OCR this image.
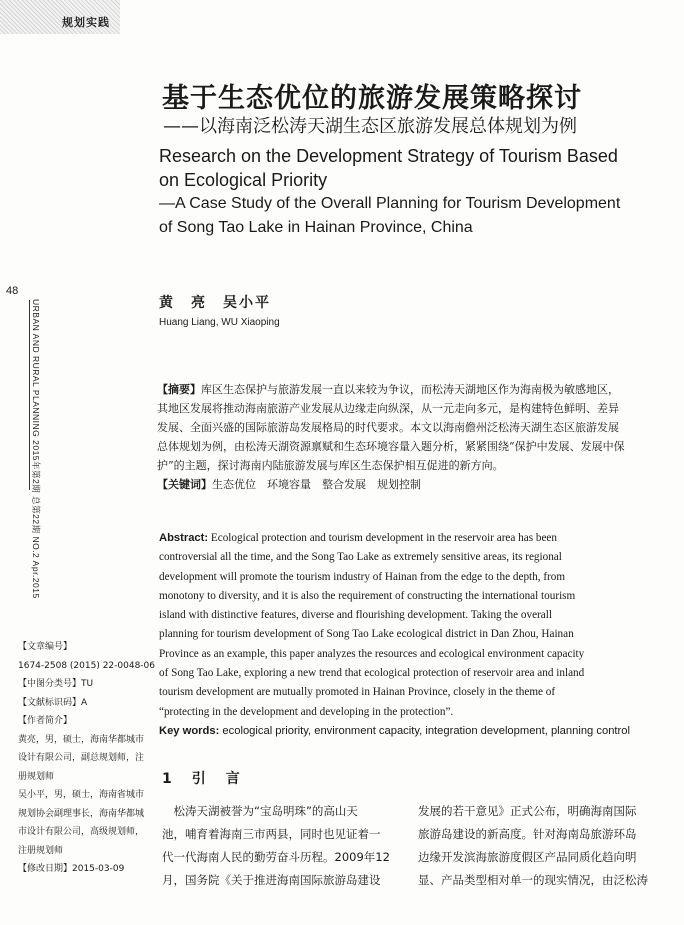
规划实践
基于生态优位的旅游发展策略探讨
——以海南泛松涛天湖生态区旅游发展总体规划为例
Research on the Development Strategy of Tourism Based
on Ecological Priority
—A Case Study of the Overall Planning for Tourism Development
of Song Tao Lake in Hainan Province, China
48
URBAN AND RURAL PLANNING 2015年第2期 总第22期 NO.2 Apr.2015	黄　亮　吴小平
Huang Liang, WU Xiaoping
【摘要】库区生态保护与旅游发展一直以来较为争议，而松涛天湖地区作为海南极为敏感地区，
其地区发展将推动海南旅游产业发展从边缘走向纵深，从一元走向多元，是构建特色鲜明、差异
发展、全面兴盛的国际旅游岛发展格局的时代要求。本文以海南儋州泛松涛天湖生态区旅游发展
总体规划为例，由松涛天湖资源禀赋和生态环境容量入题分析，紧紧围绕“保护中发展、发展中保
护”的主题，探讨海南内陆旅游发展与库区生态保护相互促进的新方向。
【关键词】生态优位　环境容量　整合发展　规划控制
Abstract: Ecological protection and tourism development in the reservoir area has been
controversial all the time, and the Song Tao Lake as extremely sensitive areas, its regional
development will promote the tourism industry of Hainan from the edge to the depth, from
monotony to diversity, and it is also the requirement of constructing the international tourism
island with distinctive features, diverse and flourishing development. Taking the overall
planning for tourism development of Song Tao Lake ecological district in Dan Zhou, Hainan
Province as an example, this paper analyzes the resources and ecological environment capacity
of Song Tao Lake, exploring a new trend that ecological protection of reservoir area and inland
tourism development are mutually promoted in Hainan Province, closely in the theme of
“protecting in the development and developing in the protection”.
Key words: ecological priority, environment capacity, integration development, planning control
【文章编号】
1674-2508 (2015) 22-0048-06
【中图分类号】TU
【文献标识码】A
【作者简介】
黄亮，男，硕士，海南华都城市
设计有限公司，副总规划师，注
册规划师
吴小平，男，硕士，海南省城市
规划协会副理事长，海南华都城
市设计有限公司，高级规划师，
注册规划师
【修改日期】2015-03-09
1　引　言
　松涛天湖被誉为“宝岛明珠”的高山天
池，哺育着海南三市两县，同时也见证着一
代一代海南人民的勤劳奋斗历程。2009年12
月，国务院《关于推进海南国际旅游岛建设
发展的若干意见》正式公布，明确海南国际
旅游岛建设的新高度。针对海南岛旅游环岛
边缘开发滨海旅游度假区产品同质化趋向明
显、产品类型相对单一的现实情况，由泛松涛
